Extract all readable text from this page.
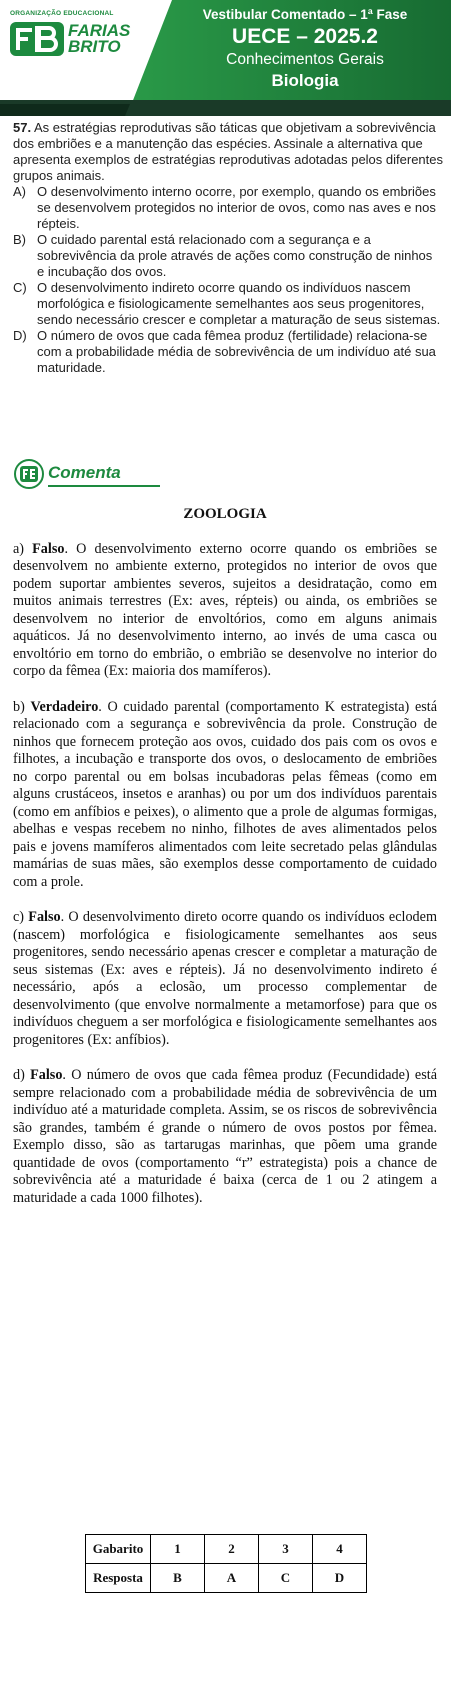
ORGANIZAÇÃO EDUCACIONAL
FARIAS
BRITO
Vestibular Comentado – 1ª Fase
UECE – 2025.2
Conhecimentos Gerais
Biologia

57. As estratégias reprodutivas são táticas que objetivam a sobrevivência dos embriões e a manutenção das espécies. Assinale a alternativa que apresenta exemplos de estratégias reprodutivas adotadas pelos diferentes grupos animais.

A) O desenvolvimento interno ocorre, por exemplo, quando os embriões se desenvolvem protegidos no interior de ovos, como nas aves e nos répteis.
B) O cuidado parental está relacionado com a segurança e a sobrevivência da prole através de ações como construção de ninhos e incubação dos ovos.
C) O desenvolvimento indireto ocorre quando os indivíduos nascem morfológica e fisiologicamente semelhantes aos seus progenitores, sendo necessário crescer e completar a maturação de seus sistemas.
D) O número de ovos que cada fêmea produz (fertilidade) relaciona-se com a probabilidade média de sobrevivência de um indivíduo até sua maturidade.
Comenta
ZOOLOGIA

a) Falso. O desenvolvimento externo ocorre quando os embriões se desenvolvem no ambiente externo, protegidos no interior de ovos que podem suportar ambientes severos, sujeitos a desidratação, como em muitos animais terrestres (Ex: aves, répteis) ou ainda, os embriões se desenvolvem no interior de envoltórios, como em alguns animais aquáticos. Já no desenvolvimento interno, ao invés de uma casca ou envoltório em torno do embrião, o embrião se desenvolve no interior do corpo da fêmea (Ex: maioria dos mamíferos).

b) Verdadeiro. O cuidado parental (comportamento K estrategista) está relacionado com a segurança e sobrevivência da prole. Construção de ninhos que fornecem proteção aos ovos, cuidado dos pais com os ovos e filhotes, a incubação e transporte dos ovos, o deslocamento de embriões no corpo parental ou em bolsas incubadoras pelas fêmeas (como em alguns crustáceos, insetos e aranhas) ou por um dos indivíduos parentais (como em anfíbios e peixes), o alimento que a prole de algumas formigas, abelhas e vespas recebem no ninho, filhotes de aves alimentados pelos pais e jovens mamíferos alimentados com leite secretado pelas glândulas mamárias de suas mães, são exemplos desse comportamento de cuidado com a prole.

c) Falso. O desenvolvimento direto ocorre quando os indivíduos eclodem (nascem) morfológica e fisiologicamente semelhantes aos seus progenitores, sendo necessário apenas crescer e completar a maturação de seus sistemas (Ex: aves e répteis). Já no desenvolvimento indireto é necessário, após a eclosão, um processo complementar de desenvolvimento (que envolve normalmente a metamorfose) para que os indivíduos cheguem a ser morfológica e fisiologicamente semelhantes aos progenitores (Ex: anfíbios).

d) Falso. O número de ovos que cada fêmea produz (Fecundidade) está sempre relacionado com a probabilidade média de sobrevivência de um indivíduo até a maturidade completa. Assim, se os riscos de sobrevivência são grandes, também é grande o número de ovos postos por fêmea. Exemplo disso, são as tartarugas marinhas, que põem uma grande quantidade de ovos (comportamento “r” estrategista) pois a chance de sobrevivência até a maturidade é baixa (cerca de 1 ou 2 atingem a maturidade a cada 1000 filhotes).

Gabarito	1	2	3	4
Resposta	B	A	C	D
